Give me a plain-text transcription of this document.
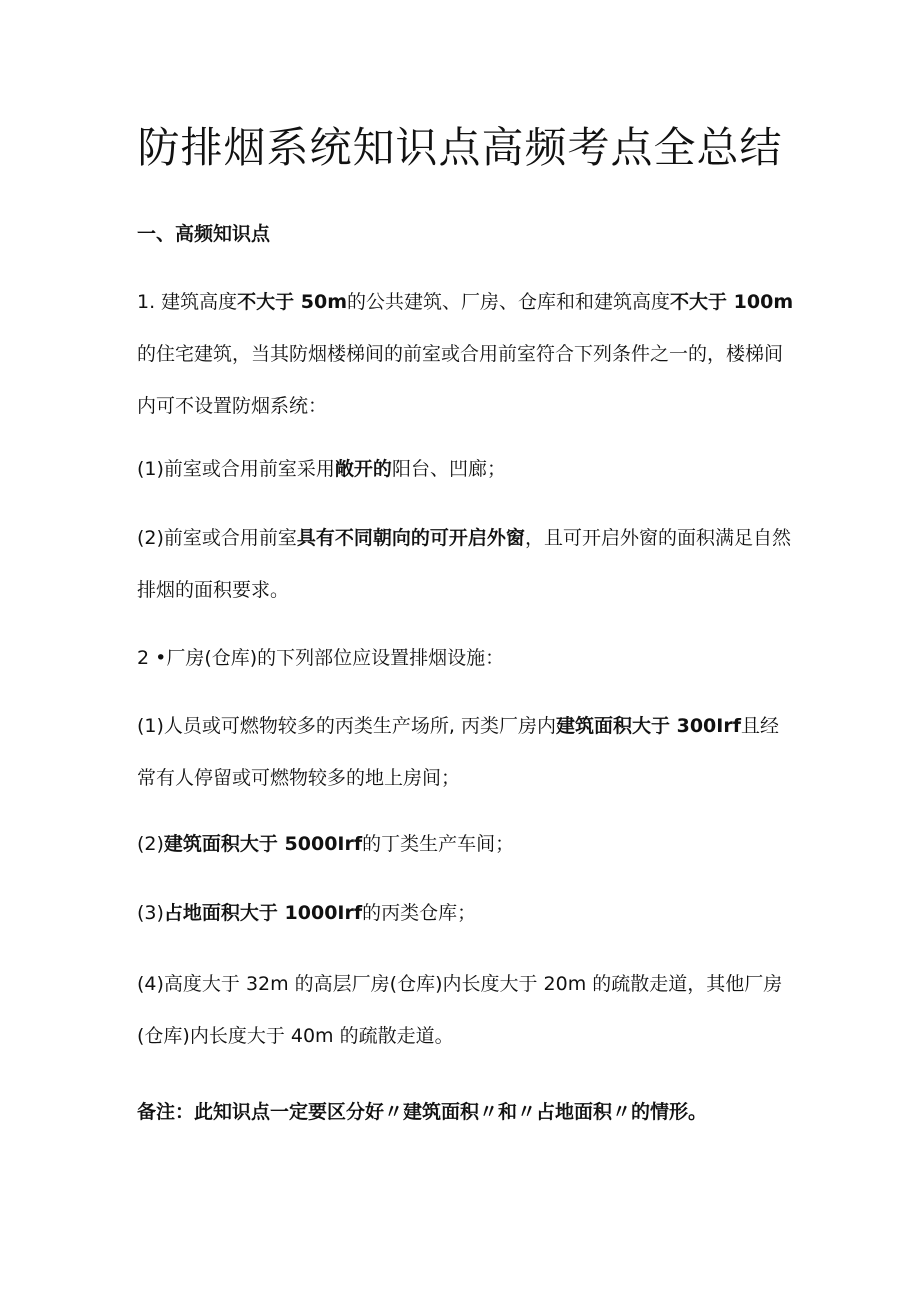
防排烟系统知识点高频考点全总结

一、高频知识点

1. 建筑高度不大于 50m的公共建筑、厂房、仓库和和建筑高度不大于 100m的住宅建筑，当其防烟楼梯间的前室或合用前室符合下列条件之一的，楼梯间内可不设置防烟系统：

(1)前室或合用前室采用敞开的阳台、凹廊；

(2)前室或合用前室具有不同朝向的可开启外窗，且可开启外窗的面积满足自然排烟的面积要求。

2 •厂房(仓库)的下列部位应设置排烟设施：

(1)人员或可燃物较多的丙类生产场所, 丙类厂房内建筑面积大于 300Irf且经常有人停留或可燃物较多的地上房间；

(2)建筑面积大于 5000Irf的丁类生产车间；

(3)占地面积大于 1000Irf的丙类仓库；

(4)高度大于 32m 的高层厂房(仓库)内长度大于 20m 的疏散走道，其他厂房(仓库)内长度大于 40m 的疏散走道。

备注：此知识点一定要区分好〃建筑面积〃和〃占地面积〃的情形。
